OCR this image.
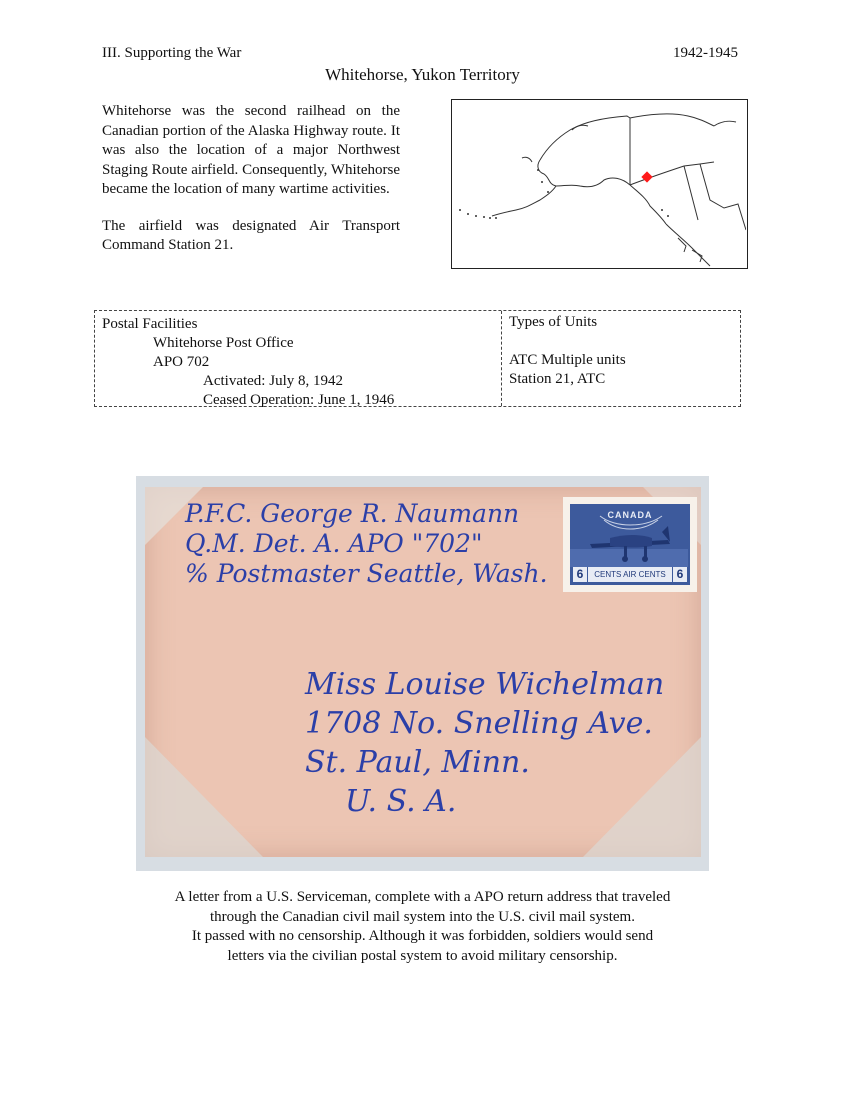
III. Supporting the War	1942-1945
Whitehorse, Yukon Territory

Whitehorse was the second railhead on the Canadian portion of the Alaska Highway route. It was also the location of a major Northwest Staging Route airfield. Consequently, Whitehorse became the location of many wartime activities.

The airfield was designated Air Transport Command Station 21.

Postal Facilities
Whitehorse Post Office
APO 702
Activated: July 8, 1942
Ceased Operation: June 1, 1946
Types of Units
ATC Multiple units
Station 21, ATC
P.F.C. George R. Naumann
Q.M. Det. A. APO "702"
% Postmaster Seattle, Wash.
Miss Louise Wichelman
1708 No. Snelling Ave.
St. Paul, Minn.
U. S. A.
CANADA
6	CENTS AIR CENTS 6
A letter from a U.S. Serviceman, complete with a APO return address that traveled
through the Canadian civil mail system into the U.S. civil mail system.
It passed with no censorship. Although it was forbidden, soldiers would send
letters via the civilian postal system to avoid military censorship.
